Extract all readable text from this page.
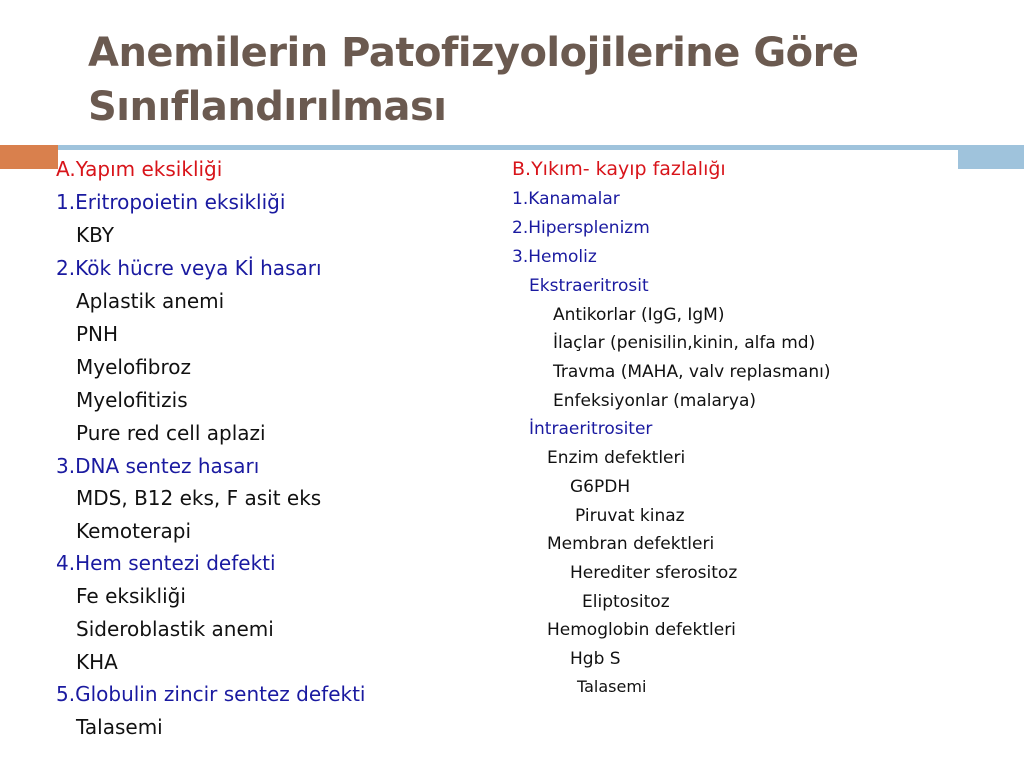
Anemilerin Patofizyolojilerine Göre
Sınıflandırılması
A.Yapım eksikliği
1.Eritropoietin eksikliği
KBY
2.Kök hücre veya Kİ hasarı
Aplastik anemi
PNH
Myelofibroz
Myelofitizis
Pure red cell aplazi
3.DNA sentez hasarı
MDS, B12 eks, F asit eks
Kemoterapi
4.Hem sentezi defekti
Fe eksikliği
Sideroblastik anemi
KHA
5.Globulin zincir sentez defekti
Talasemi
B.Yıkım- kayıp fazlalığı
1.Kanamalar
2.Hipersplenizm
3.Hemoliz
Ekstraeritrosit
Antikorlar (IgG, IgM)
İlaçlar (penisilin,kinin, alfa md)
Travma (MAHA, valv replasmanı)
Enfeksiyonlar (malarya)
İntraeritrositer
Enzim defektleri
G6PDH
Piruvat kinaz
Membran defektleri
Herediter sferositoz
Eliptositoz
Hemoglobin defektleri
Hgb S
Talasemi
